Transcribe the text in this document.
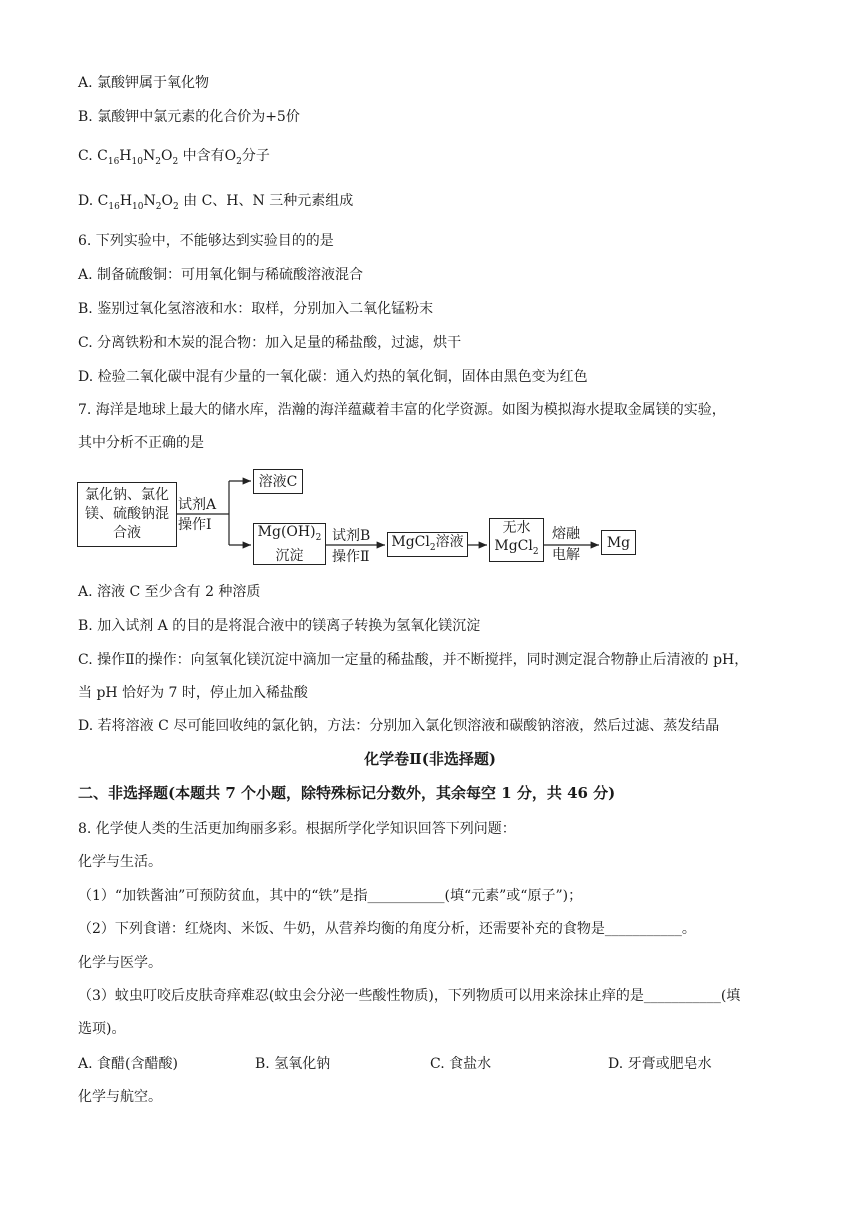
A. 氯酸钾属于氧化物
B. 氯酸钾中氯元素的化合价为+5价
C. $C_{16}H_{10}N_2O_2$ 中含有$O_2$分子
D. $C_{16}H_{10}N_2O_2$ 由 C、H、N 三种元素组成
6. 下列实验中，不能够达到实验目的的是
A. 制备硫酸铜：可用氧化铜与稀硫酸溶液混合
B. 鉴别过氧化氢溶液和水：取样，分别加入二氧化锰粉末
C. 分离铁粉和木炭的混合物：加入足量的稀盐酸，过滤，烘干
D. 检验二氧化碳中混有少量的一氧化碳：通入灼热的氧化铜，固体由黑色变为红色
7. 海洋是地球上最大的储水库，浩瀚的海洋蕴藏着丰富的化学资源。如图为模拟海水提取金属镁的实验，
其中分析不正确的是
氯化钠、氯化镁、硫酸钠混合液
试剂A
操作Ⅰ
溶液C
$Mg(OH)_2$
沉淀
试剂B
操作Ⅱ
MgCl$_2$溶液
无水
MgCl$_2$
熔融
电解
Mg
A. 溶液 C 至少含有 2 种溶质
B. 加入试剂 A 的目的是将混合液中的镁离子转换为氢氧化镁沉淀
C. 操作Ⅱ的操作：向氢氧化镁沉淀中滴加一定量的稀盐酸，并不断搅拌，同时测定混合物静止后清液的 pH，
当 pH 恰好为 7 时，停止加入稀盐酸
D. 若将溶液 C 尽可能回收纯的氯化钠，方法：分别加入氯化钡溶液和碳酸钠溶液，然后过滤、蒸发结晶
化学卷Ⅱ(非选择题)
二、非选择题(本题共 7 个小题，除特殊标记分数外，其余每空 1 分，共 46 分)
8. 化学使人类的生活更加绚丽多彩。根据所学化学知识回答下列问题：
化学与生活。
（1）“加铁酱油”可预防贫血，其中的“铁”是指___________(填“元素”或“原子”)；
（2）下列食谱：红烧肉、米饭、牛奶，从营养均衡的角度分析，还需要补充的食物是___________。
化学与医学。
（3）蚊虫叮咬后皮肤奇痒难忍(蚊虫会分泌一些酸性物质)，下列物质可以用来涂抹止痒的是___________(填
选项)。
A. 食醋(含醋酸)	B. 氢氧化钠	C. 食盐水	D. 牙膏或肥皂水
化学与航空。
